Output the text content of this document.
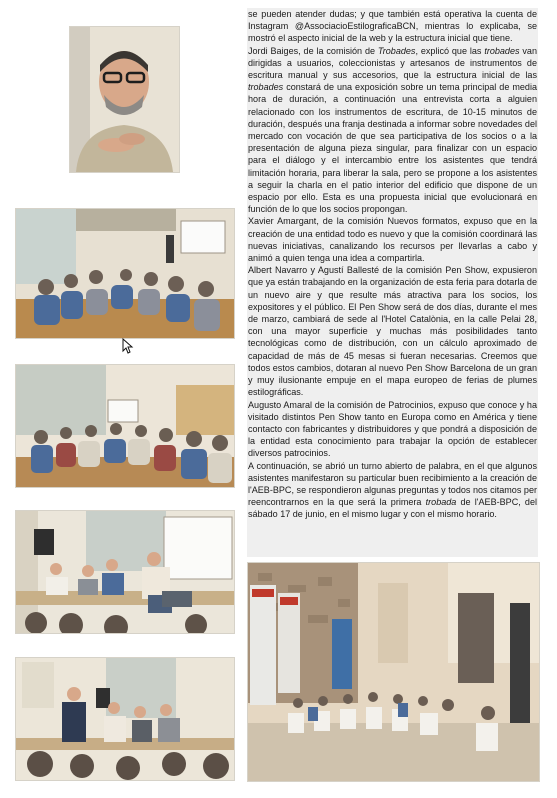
se pueden atender dudas; y que también está operativa la cuenta de Instagram @AssociacioEstilograficaBCN, mientras lo explicaba, se mostró el aspecto inicial de la web y la estructura inicial que tiene.

Jordi Baiges, de la comisión de Trobades, explicó que las trobades van dirigidas a usuarios, coleccionistas y artesanos de instrumentos de escritura manual y sus accesorios, que la estructura inicial de las trobades constará de una exposición sobre un tema principal de media hora de duración, a continuación una entrevista corta a alguien relacionado con los instrumentos de escritura, de 10-15 minutos de duración, después una franja destinada a informar sobre novedades del mercado con vocación de que sea participativa de los socios o a la presentación de alguna pieza singular, para finalizar con un espacio para el diálogo y el intercambio entre los asistentes que tendrá limitación horaria, para liberar la sala, pero se propone a los asistentes a seguir la charla en el patio interior del edificio que dispone de un espacio por ello. Esta es una propuesta inicial que evolucionará en función de lo que los socios propongan.

Xavier Amargant, de la comisión Nuevos formatos, expuso que en la creación de una entidad todo es nuevo y que la comisión coordinará las nuevas iniciativas, canalizando los recursos per llevarlas a cabo y animó a quien tenga una idea a compartirla.

Albert Navarro y Agustí Ballesté de la comisión Pen Show, expusieron que ya están trabajando en la organización de esta feria para dotarla de un nuevo aire y que resulte más atractiva para los socios, los expositores y el público. El Pen Show será de dos días, durante el mes de marzo, cambiará de sede al l'Hotel Catalònia, en la calle Pelai 28, con una mayor superficie y muchas más posibilidades tanto tecnológicas como de distribución, con un cálculo aproximado de capacidad de más de 45 mesas si fueran necesarias. Creemos que todos estos cambios, dotaran al nuevo Pen Show Barcelona de un gran y muy ilusionante empuje en el mapa europeo de ferias de plumes estilográficas.

Augusto Amaral de la comisión de Patrocinios, expuso que conoce y ha visitado distintos Pen Show tanto en Europa como en América y tiene contacto con fabricantes y distribuidores y que pondrá a disposición de la entidad esta conocimiento para trabajar la opción de establecer diversos patrocinios.

A continuación, se abrió un turno abierto de palabra, en el que algunos asistentes manifestaron su particular buen recibimiento a la creación de l'AEB-BPC, se respondieron algunas preguntas y todos nos citamos per reencontrarnos en la que será la primera trobada de l'AEB-BPC, del sábado 17 de junio, en el mismo lugar y con el mismo horario.
